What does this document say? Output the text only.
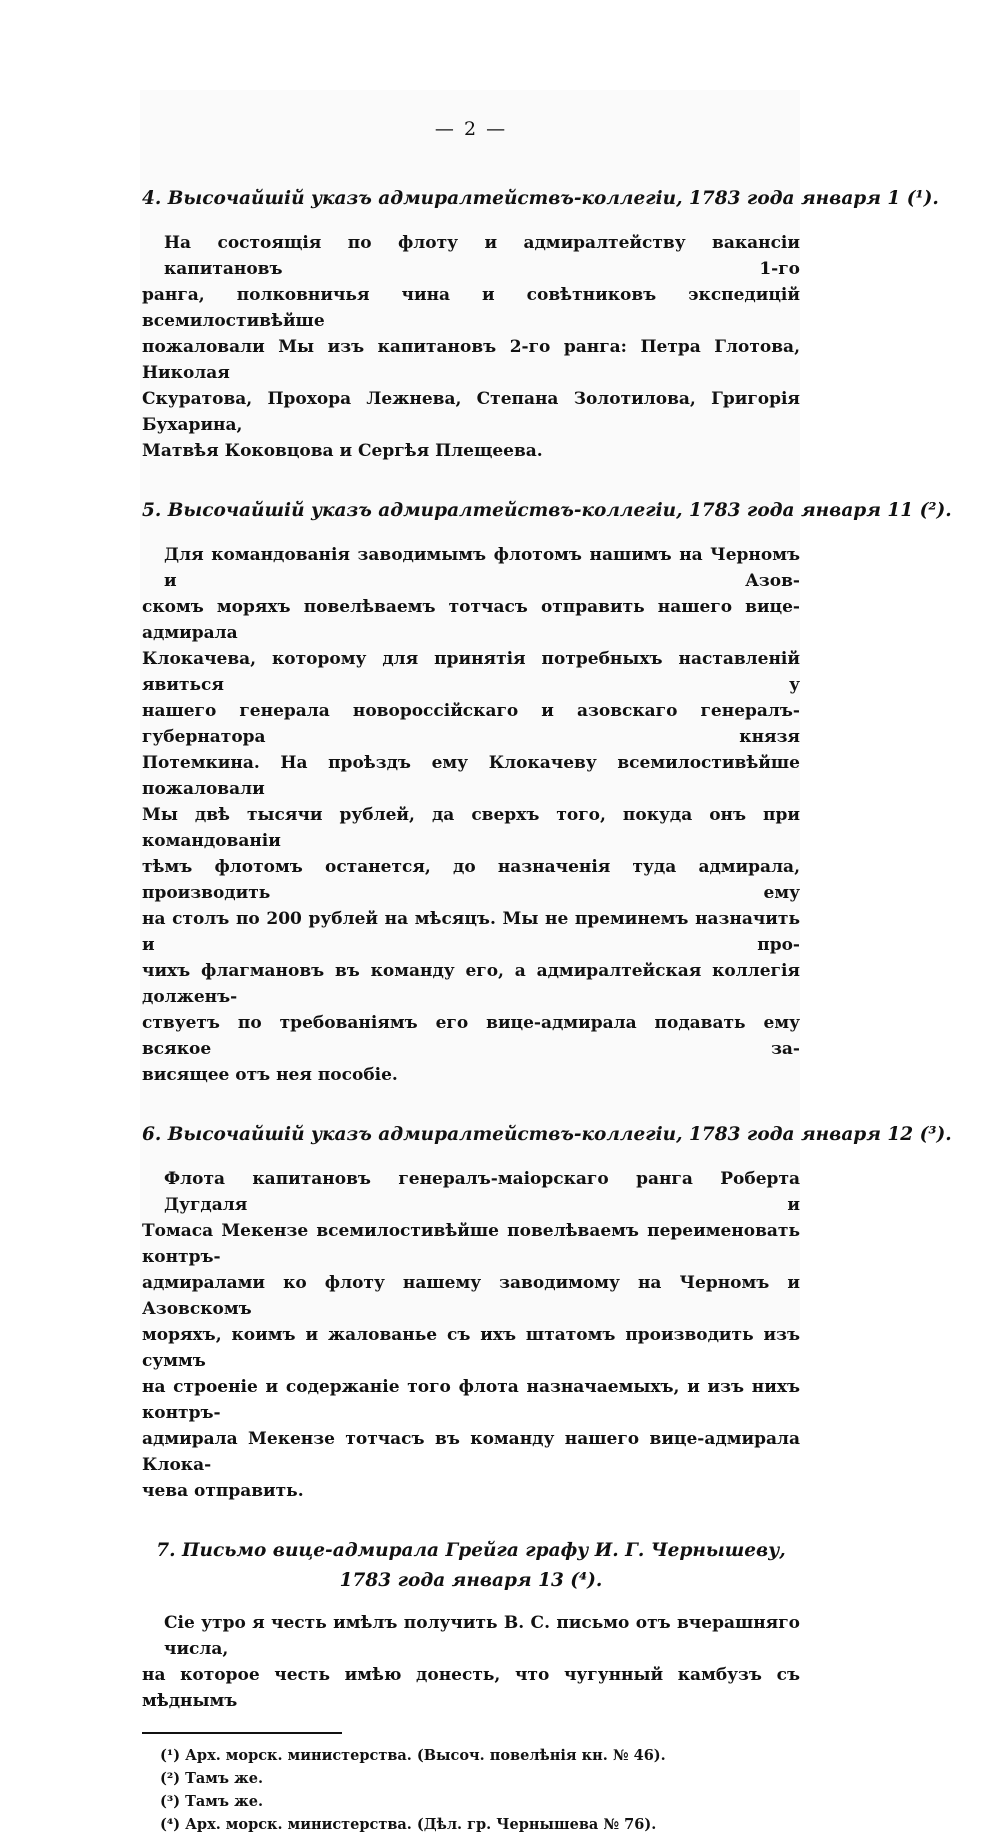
— 2 —
4. Высочайшій указъ адмиралтействъ-коллегіи, 1783 года января 1 (¹).
На состоящія по флоту и адмиралтейству вакансіи капитановъ 1-го
ранга, полковничья чина и совѣтниковъ экспедицій всемилостивѣйше
пожаловали Мы изъ капитановъ 2-го ранга: Петра Глотова, Николая
Скуратова, Прохора Лежнева, Степана Золотилова, Григорія Бухарина,
Матвѣя Коковцова и Сергѣя Плещеева.
5. Высочайшій указъ адмиралтействъ-коллегіи, 1783 года января 11 (²).
Для командованія заводимымъ флотомъ нашимъ на Черномъ и Азов-
скомъ моряхъ повелѣваемъ тотчасъ отправить нашего вице-адмирала
Клокачева, которому для принятія потребныхъ наставленій явиться у
нашего генерала новороссійскаго и азовскаго генералъ-губернатора князя
Потемкина. На проѣздъ ему Клокачеву всемилостивѣйше пожаловали
Мы двѣ тысячи рублей, да сверхъ того, покуда онъ при командованіи
тѣмъ флотомъ останется, до назначенія туда адмирала, производить ему
на столъ по 200 рублей на мѣсяцъ. Мы не преминемъ назначить и про-
чихъ флагмановъ въ команду его, а адмиралтейская коллегія долженъ-
ствуетъ по требованіямъ его вице-адмирала подавать ему всякое за-
висящее отъ нея пособіе.
6. Высочайшій указъ адмиралтействъ-коллегіи, 1783 года января 12 (³).
Флота капитановъ генералъ-маіорскаго ранга Роберта Дугдаля и
Томаса Мекензе всемилостивѣйше повелѣваемъ переименовать контръ-
адмиралами ко флоту нашему заводимому на Черномъ и Азовскомъ
моряхъ, коимъ и жалованье съ ихъ штатомъ производить изъ суммъ
на строеніе и содержаніе того флота назначаемыхъ, и изъ нихъ контръ-
адмирала Мекензе тотчасъ въ команду нашего вице-адмирала Клока-
чева отправить.
7. Письмо вице-адмирала Грейга графу И. Г. Чернышеву,
1783 года января 13 (⁴).
Сіе утро я честь имѣлъ получить В. С. письмо отъ вчерашняго числа,
на которое честь имѣю донесть, что чугунный камбузъ съ мѣднымъ
(¹) Арх. морск. министерства. (Высоч. повелѣнія кн. № 46).
(²) Тамъ же.
(³) Тамъ же.
(⁴) Арх. морск. министерства. (Дѣл. гр. Чернышева № 76).
